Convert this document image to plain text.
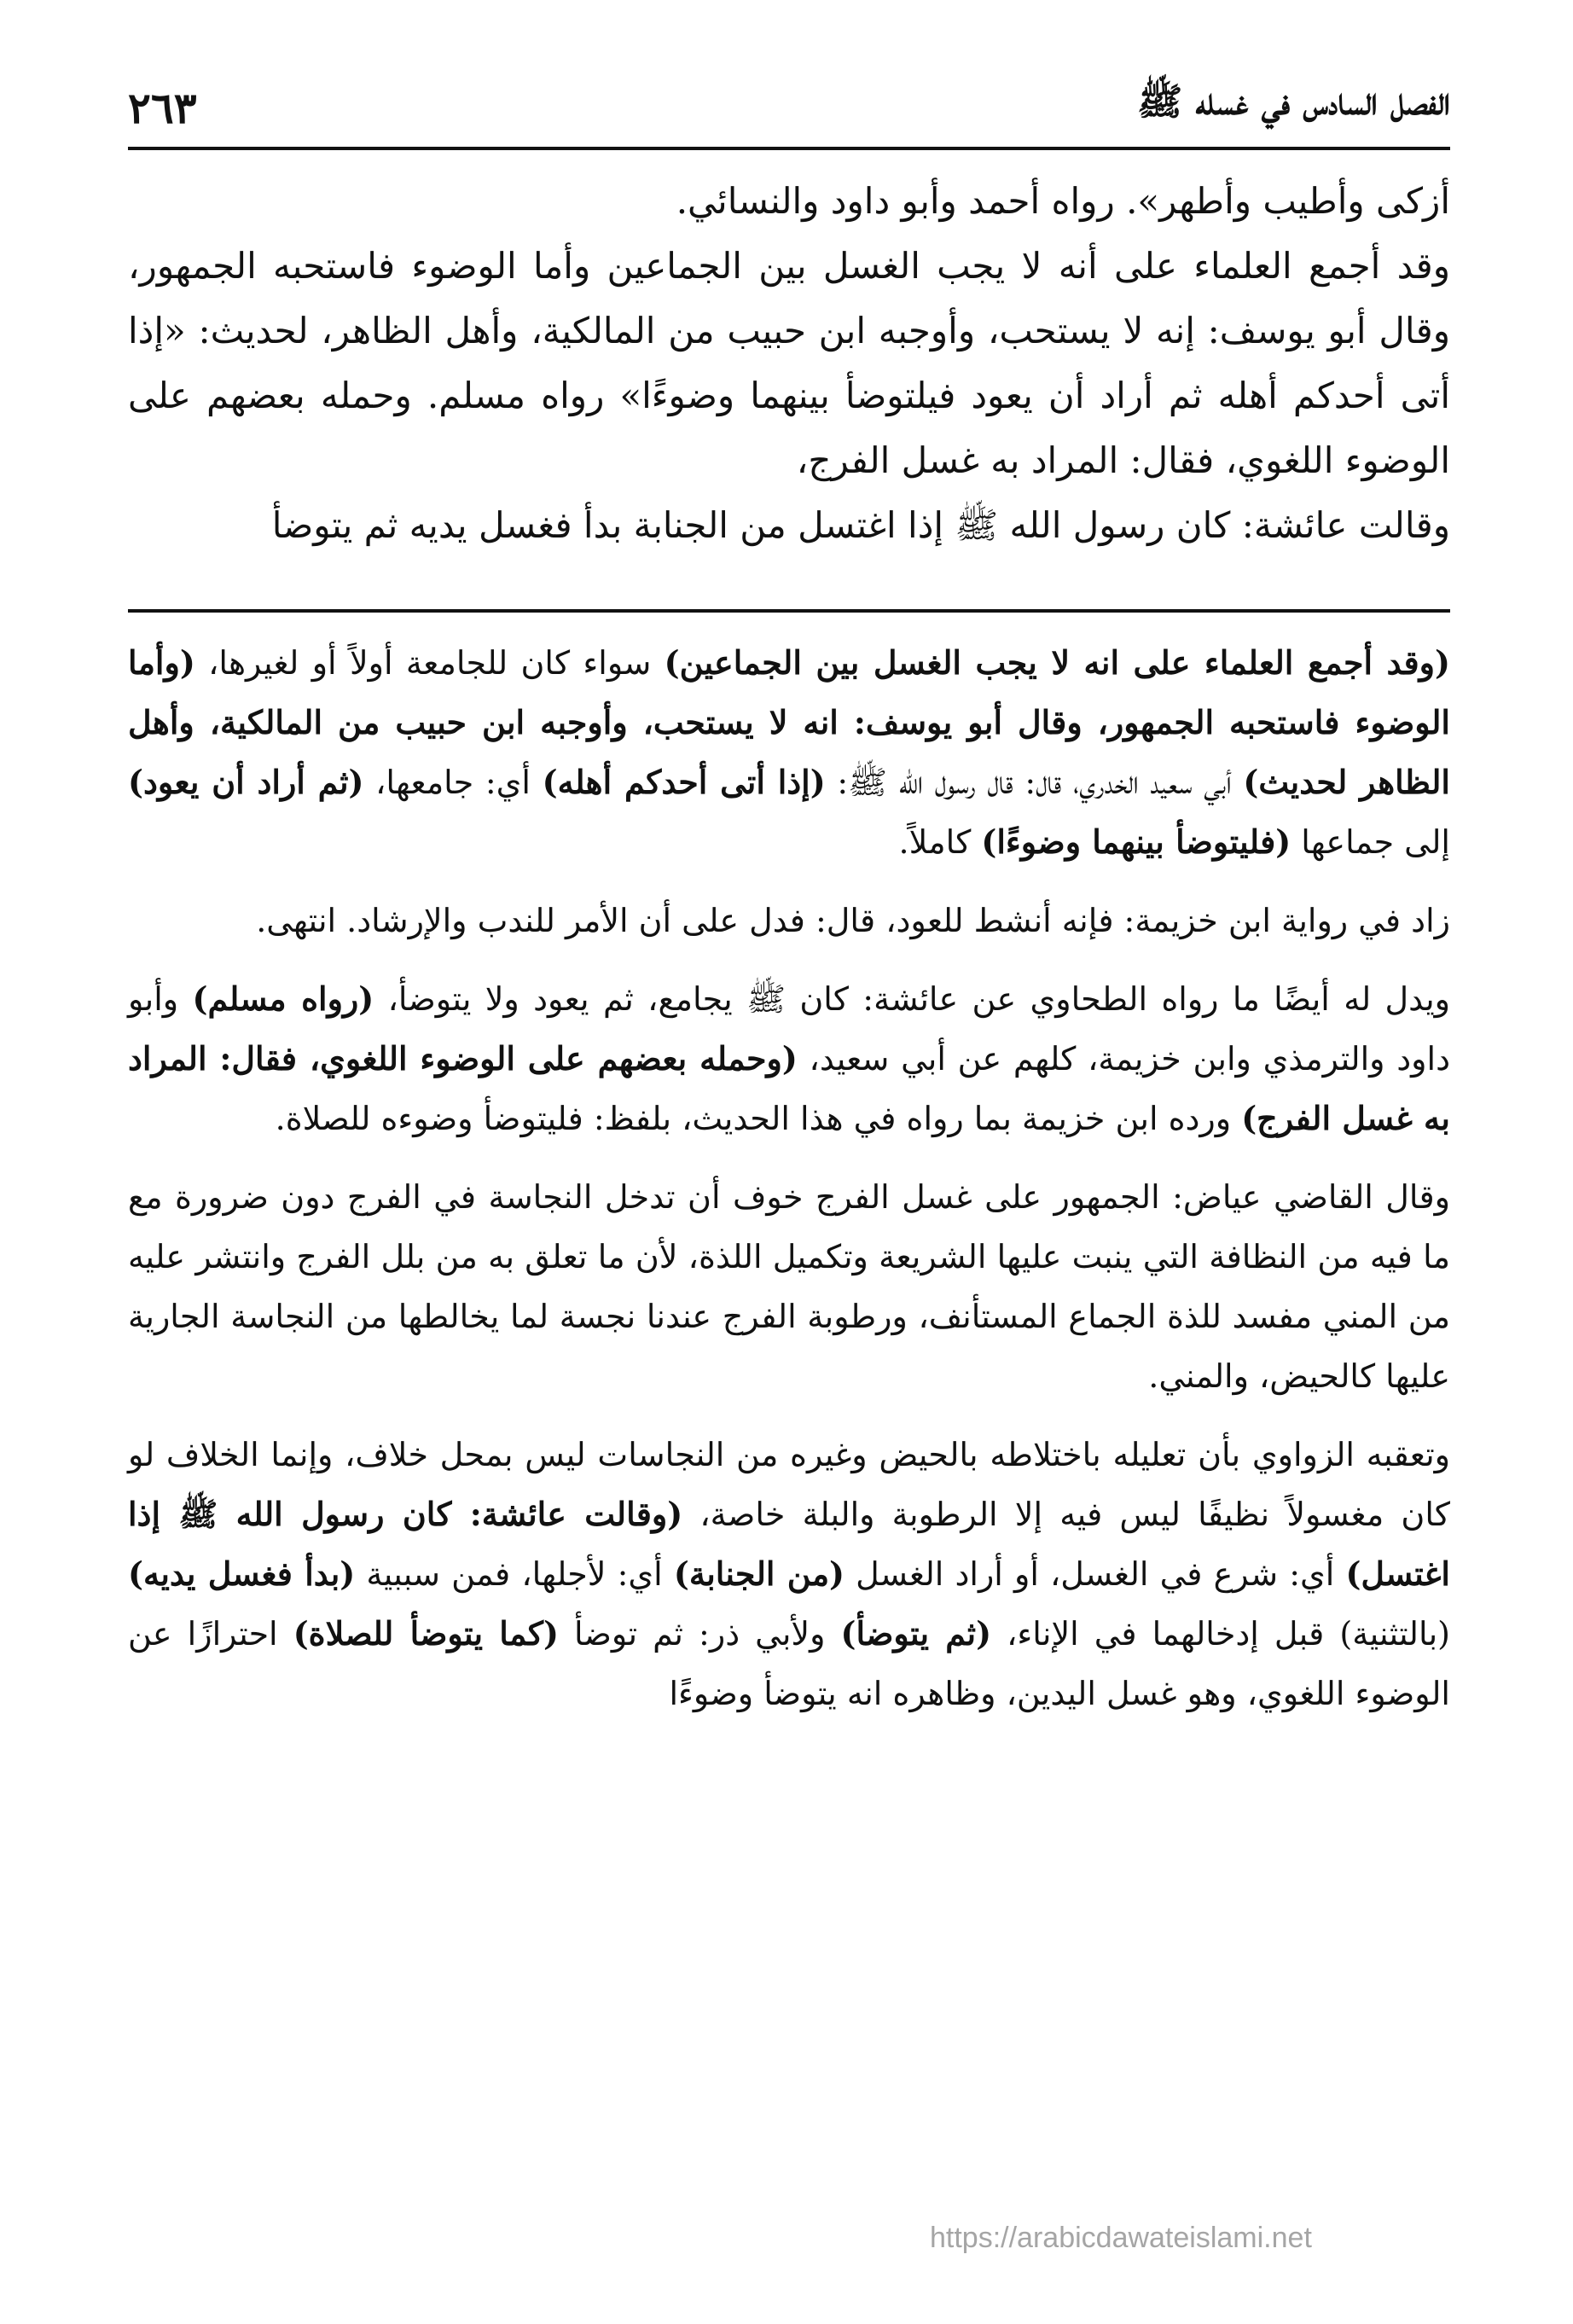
الفصل السادس في غسله ﷺ
٢٦٣

أزكى وأطيب وأطهر». رواه أحمد وأبو داود والنسائي.

وقد أجمع العلماء على أنه لا يجب الغسل بين الجماعين وأما الوضوء فاستحبه الجمهور، وقال أبو يوسف: إنه لا يستحب، وأوجبه ابن حبيب من المالكية، وأهل الظاهر، لحديث: «إذا أتى أحدكم أهله ثم أراد أن يعود فيلتوضأ بينهما وضوءًا» رواه مسلم. وحمله بعضهم على الوضوء اللغوي، فقال: المراد به غسل الفرج،

وقالت عائشة: كان رسول الله ﷺ إذا اغتسل من الجنابة بدأ فغسل يديه ثم يتوضأ

(وقد أجمع العلماء على انه لا يجب الغسل بين الجماعين) سواء كان للجامعة أولاً أو لغيرها، (وأما الوضوء فاستحبه الجمهور، وقال أبو يوسف: انه لا يستحب، وأوجبه ابن حبيب من المالكية، وأهل الظاهر لحديث) أبي سعيد الخدري، قال: قال رسول الله ﷺ: (إذا أتى أحدكم أهله) أي: جامعها، (ثم أراد أن يعود) إلى جماعها (فليتوضأ بينهما وضوءًا) كاملاً.

زاد في رواية ابن خزيمة: فإنه أنشط للعود، قال: فدل على أن الأمر للندب والإرشاد. انتهى.

ويدل له أيضًا ما رواه الطحاوي عن عائشة: كان ﷺ يجامع، ثم يعود ولا يتوضأ، (رواه مسلم) وأبو داود والترمذي وابن خزيمة، كلهم عن أبي سعيد، (وحمله بعضهم على الوضوء اللغوي، فقال: المراد به غسل الفرج) ورده ابن خزيمة بما رواه في هذا الحديث، بلفظ: فليتوضأ وضوءه للصلاة.

وقال القاضي عياض: الجمهور على غسل الفرج خوف أن تدخل النجاسة في الفرج دون ضرورة مع ما فيه من النظافة التي ينبت عليها الشريعة وتكميل اللذة، لأن ما تعلق به من بلل الفرج وانتشر عليه من المني مفسد للذة الجماع المستأنف، ورطوبة الفرج عندنا نجسة لما يخالطها من النجاسة الجارية عليها كالحيض، والمني.

وتعقبه الزواوي بأن تعليله باختلاطه بالحيض وغيره من النجاسات ليس بمحل خلاف، وإنما الخلاف لو كان مغسولاً نظيفًا ليس فيه إلا الرطوبة والبلة خاصة، (وقالت عائشة: كان رسول الله ﷺ إذا اغتسل) أي: شرع في الغسل، أو أراد الغسل (من الجنابة) أي: لأجلها، فمن سببية (بدأ فغسل يديه) (بالتثنية) قبل إدخالهما في الإناء، (ثم يتوضأ) ولأبي ذر: ثم توضأ (كما يتوضأ للصلاة) احترازًا عن الوضوء اللغوي، وهو غسل اليدين، وظاهره انه يتوضأ وضوءًا

https://arabicdawateislami.net
